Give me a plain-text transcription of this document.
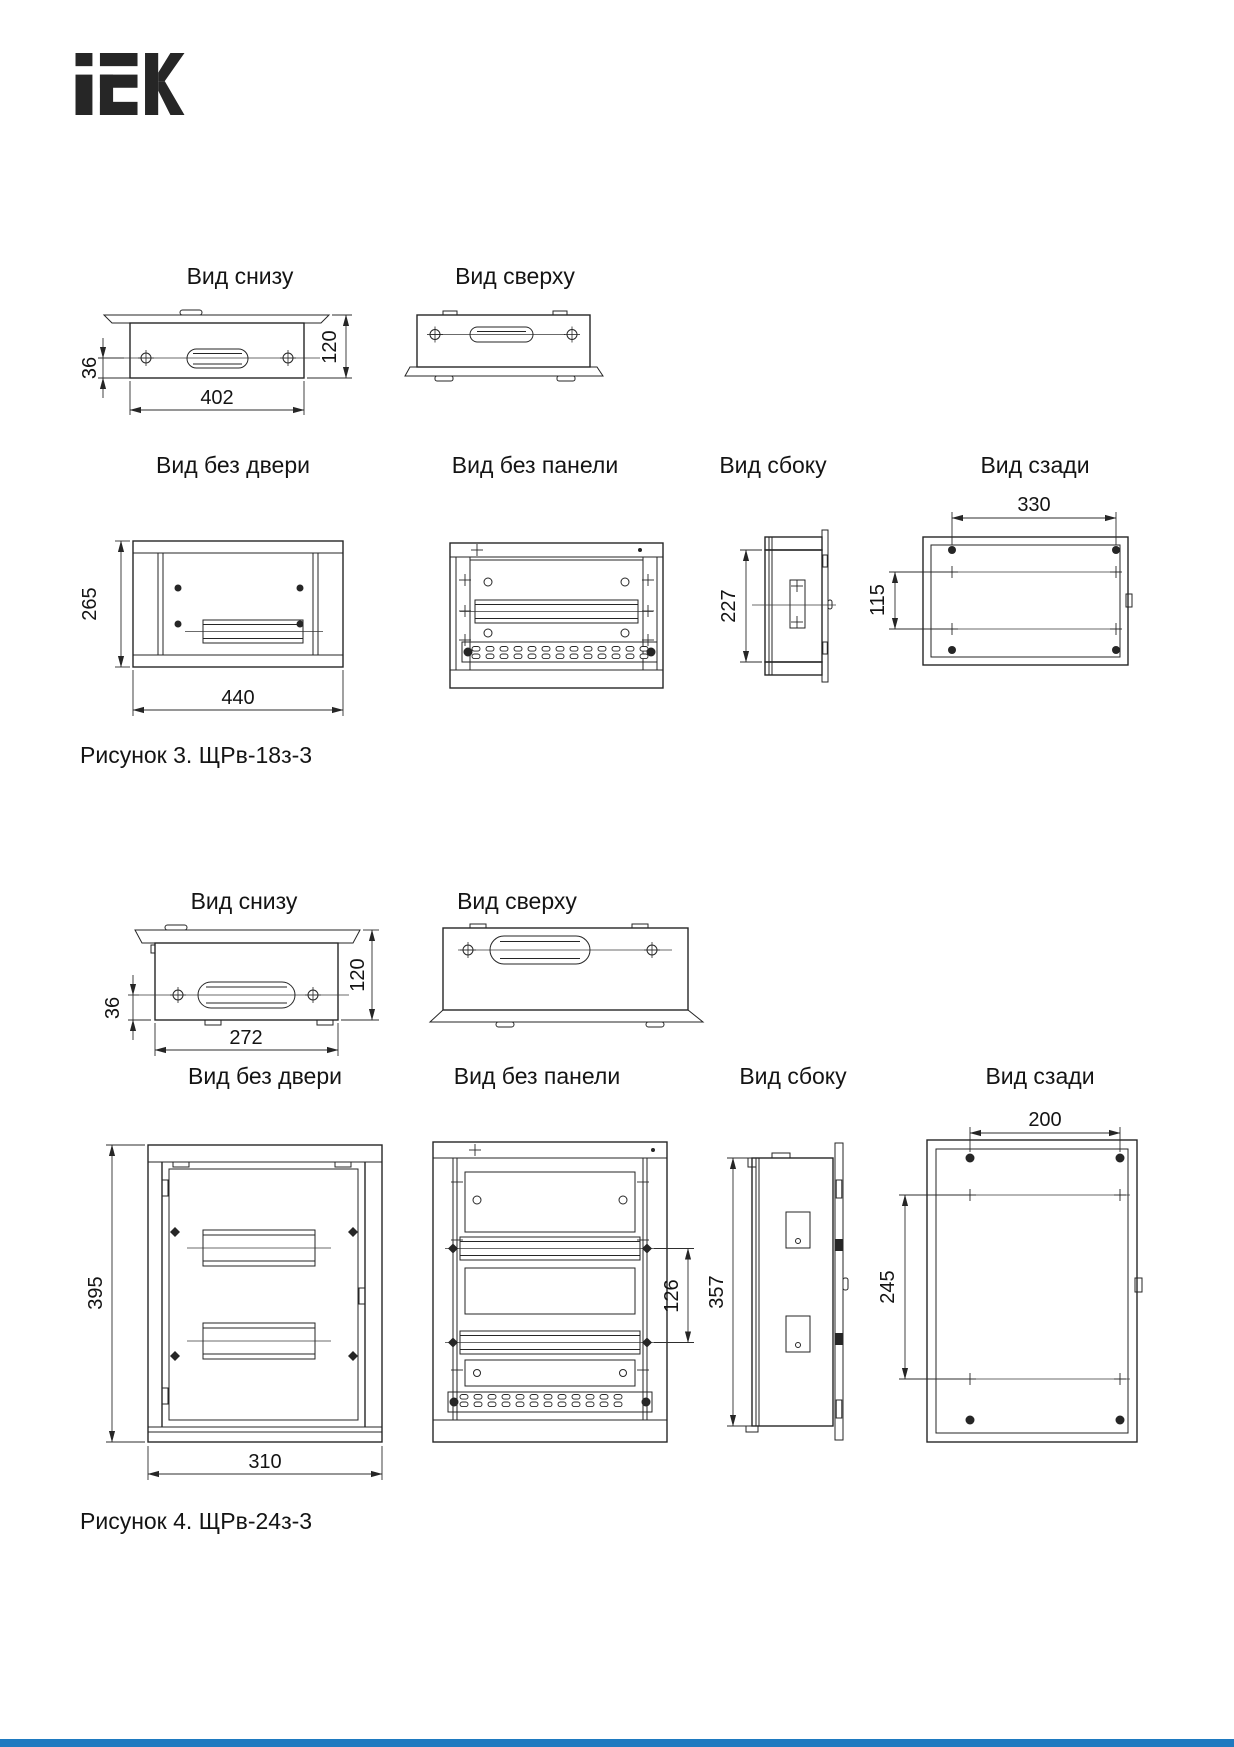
Вид снизу	Вид сверху
120
36
402
Вид без двери	Вид без панели	Вид сбоку	Вид сзади
265
440
227
330
115
Рисунок 3. ЩРв-18з-3
Вид снизу	Вид сверху
120
36
272
Вид без двери	Вид без панели	Вид сбоку	Вид сзади
395
310
126 357
200
245
Рисунок 4. ЩРв-24з-3
